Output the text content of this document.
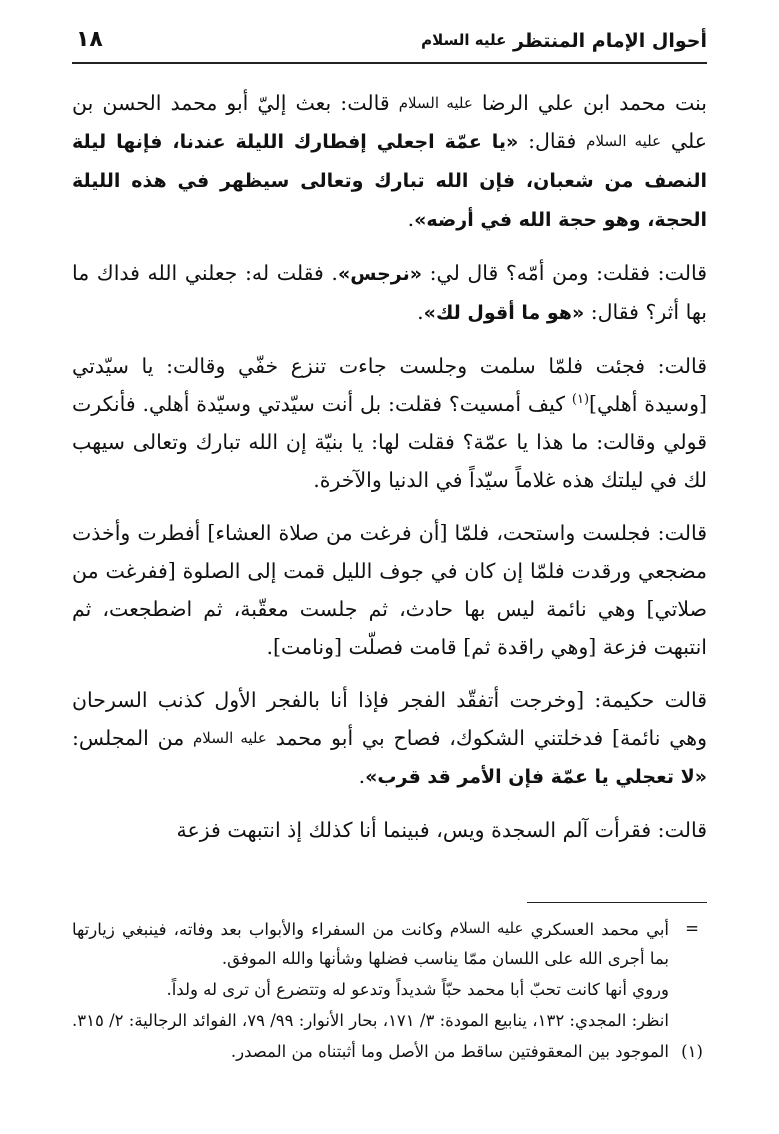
أحوال الإمام المنتظر عليه السلام
١٨

بنت محمد ابن علي الرضا عليه السلام قالت: بعث إليّ أبو محمد الحسن بن علي عليه السلام فقال: «يا عمّة اجعلي إفطارك الليلة عندنا، فإنها ليلة النصف من شعبان، فإن الله تبارك وتعالى سيظهر في هذه الليلة الحجة، وهو حجة الله في أرضه».

قالت: فقلت: ومن أمّه؟ قال لي: «نرجس». فقلت له: جعلني الله فداك ما بها أثر؟ فقال: «هو ما أقول لك».

قالت: فجئت فلمّا سلمت وجلست جاءت تنزع خفّي وقالت: يا سيّدتي [وسيدة أهلي]$^{(١)}$ كيف أمسيت؟ فقلت: بل أنت سيّدتي وسيّدة أهلي. فأنكرت قولي وقالت: ما هذا يا عمّة؟ فقلت لها: يا بنيّة إن الله تبارك وتعالى سيهب لك في ليلتك هذه غلاماً سيّداً في الدنيا والآخرة.

قالت: فجلست واستحت، فلمّا [أن فرغت من صلاة العشاء] أفطرت وأخذت مضجعي ورقدت فلمّا إن كان في جوف الليل قمت إلى الصلوة [ففرغت من صلاتي] وهي نائمة ليس بها حادث، ثم جلست معقّبة، ثم اضطجعت، ثم انتبهت فزعة [وهي راقدة ثم] قامت فصلّت [ونامت].

قالت حكيمة: [وخرجت أتفقّد الفجر فإذا أنا بالفجر الأول كذنب السرحان وهي نائمة] فدخلتني الشكوك، فصاح بي أبو محمد عليه السلام من المجلس: «لا تعجلي يا عمّة فإن الأمر قد قرب».

قالت: فقرأت آلم السجدة ويس، فبينما أنا كذلك إذ انتبهت فزعة

=
أبي محمد العسكري عليه السلام وكانت من السفراء والأبواب بعد وفاته، فينبغي زيارتها بما أجرى الله على اللسان ممّا يناسب فضلها وشأنها والله الموفق.
وروي أنها كانت تحبّ أبا محمد حبّاً شديداً وتدعو له وتتضرع أن ترى له ولداً.
انظر: المجدي: ١٣٢، ينابيع المودة: ٣/ ١٧١، بحار الأنوار: ٩٩/ ٧٩، الفوائد الرجالية: ٢/ ٣١٥.
(١)
الموجود بين المعقوفتين ساقط من الأصل وما أثبتناه من المصدر.
